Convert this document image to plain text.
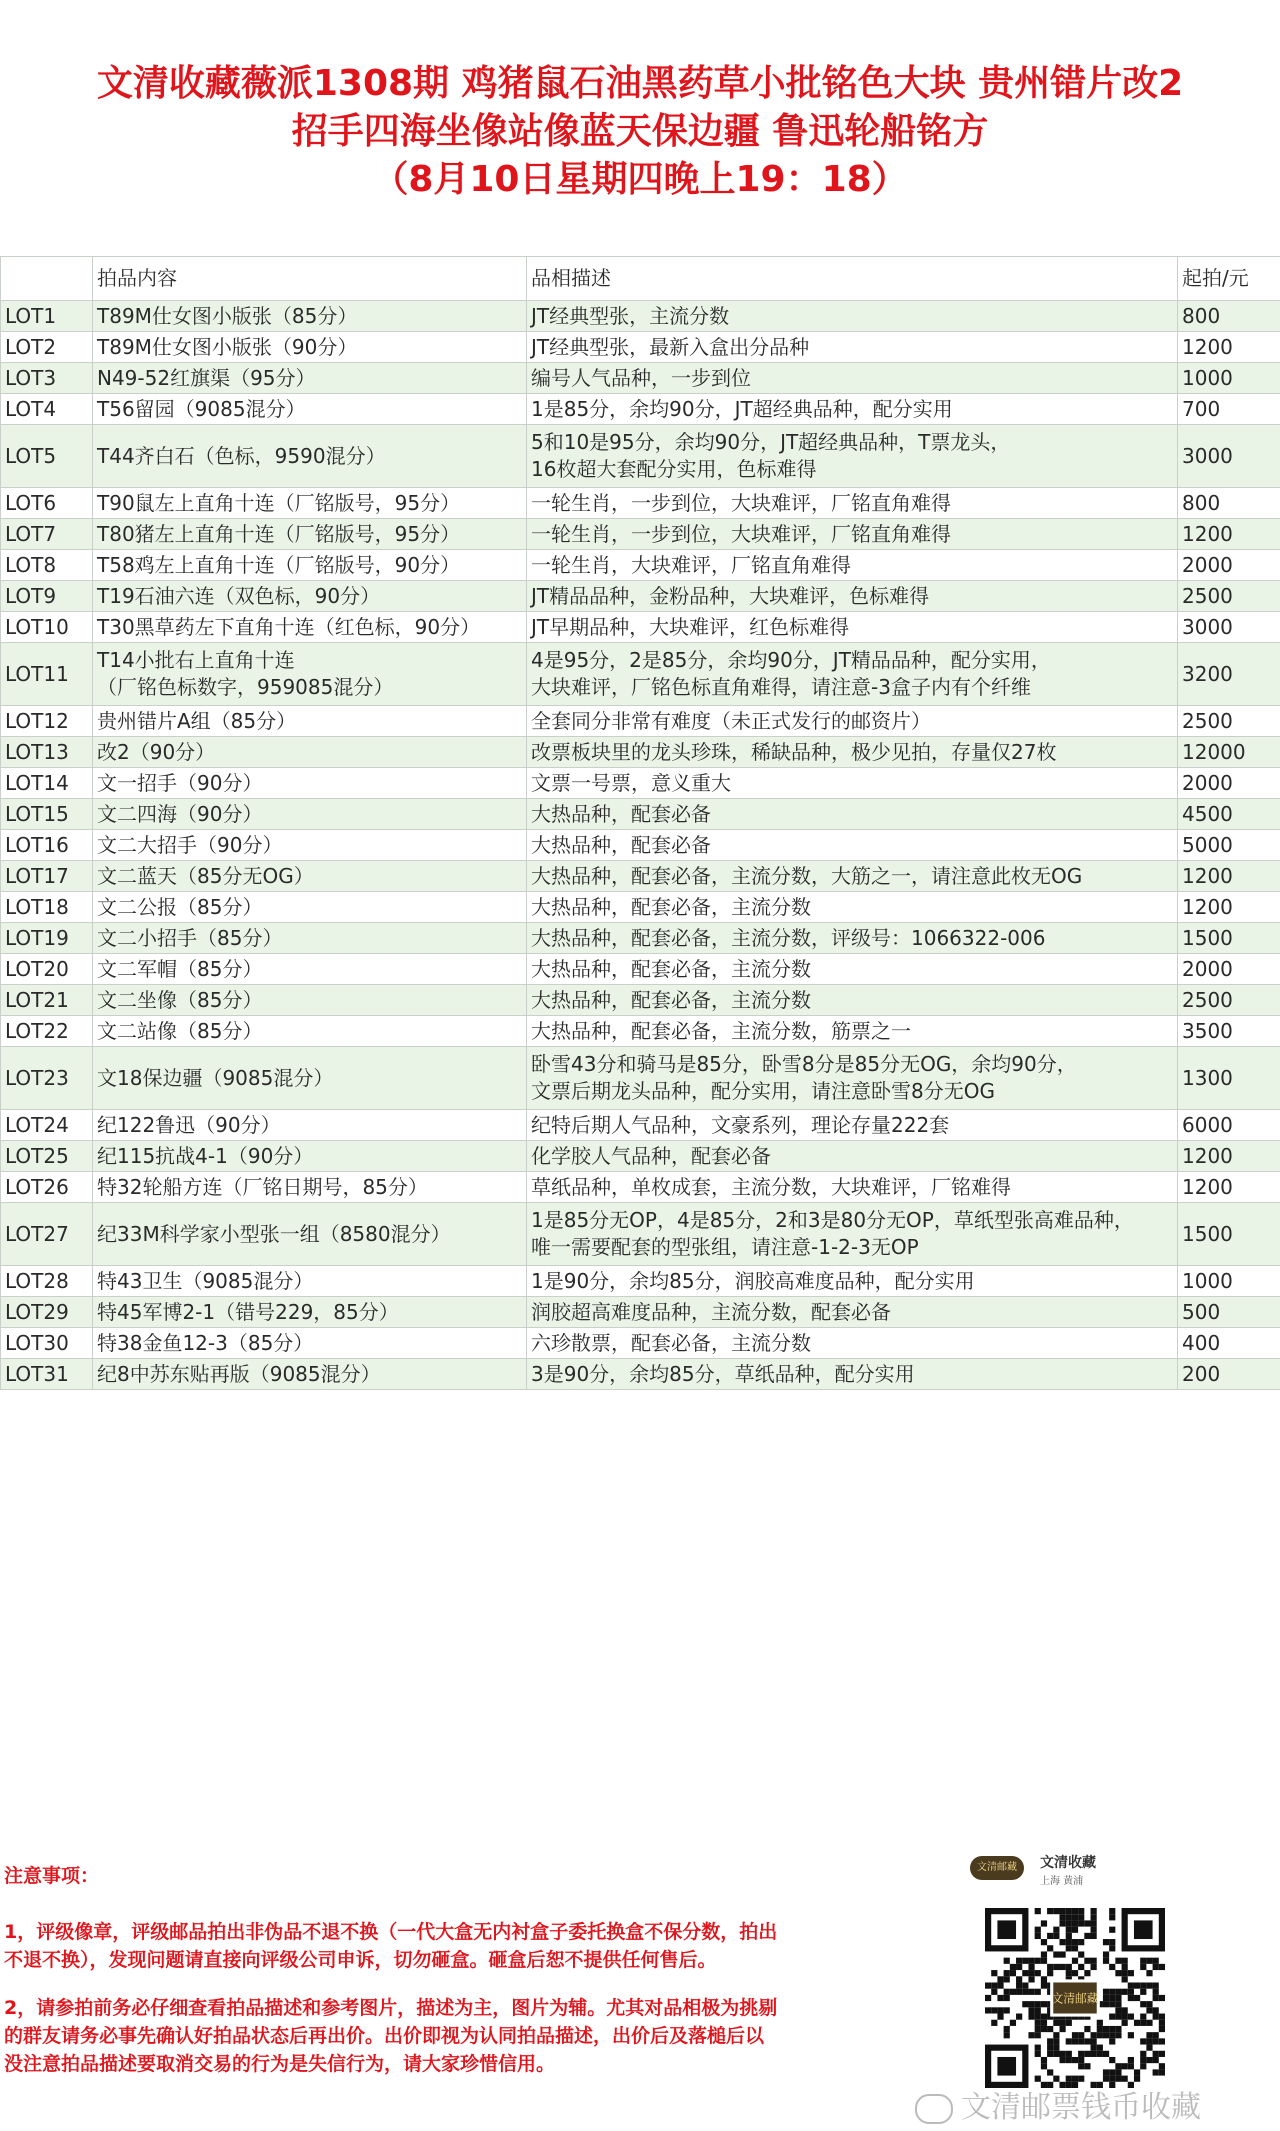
文清收藏薇派1308期 鸡猪鼠石油黑药草小批铭色大块 贵州错片改2
招手四海坐像站像蓝天保边疆 鲁迅轮船铭方
（8月10日星期四晚上19：18）
	拍品内容	品相描述	起拍/元
LOT1	T89M仕女图小版张（85分）	JT经典型张，主流分数	800
LOT2	T89M仕女图小版张（90分）	JT经典型张，最新入盒出分品种	1200
LOT3	N49-52红旗渠（95分）	编号人气品种，一步到位	1000
LOT4	T56留园（9085混分）	1是85分，余均90分，JT超经典品种，配分实用	700
LOT5	T44齐白石（色标，9590混分）	5和10是95分，余均90分，JT超经典品种，T票龙头，
16枚超大套配分实用，色标难得	3000
LOT6	T90鼠左上直角十连（厂铭版号，95分）	一轮生肖，一步到位，大块难评，厂铭直角难得	800
LOT7	T80猪左上直角十连（厂铭版号，95分）	一轮生肖，一步到位，大块难评，厂铭直角难得	1200
LOT8	T58鸡左上直角十连（厂铭版号，90分）	一轮生肖，大块难评，厂铭直角难得	2000
LOT9	T19石油六连（双色标，90分）	JT精品品种，金粉品种，大块难评，色标难得	2500
LOT10	T30黑草药左下直角十连（红色标，90分）	JT早期品种，大块难评，红色标难得	3000
LOT11	T14小批右上直角十连
（厂铭色标数字，959085混分）	4是95分，2是85分，余均90分，JT精品品种，配分实用，
大块难评，厂铭色标直角难得，请注意-3盒子内有个纤维	3200
LOT12	贵州错片A组（85分）	全套同分非常有难度（未正式发行的邮资片）	2500
LOT13	改2（90分）	改票板块里的龙头珍珠，稀缺品种，极少见拍，存量仅27枚	12000
LOT14	文一招手（90分）	文票一号票，意义重大	2000
LOT15	文二四海（90分）	大热品种，配套必备	4500
LOT16	文二大招手（90分）	大热品种，配套必备	5000
LOT17	文二蓝天（85分无OG）	大热品种，配套必备，主流分数，大筋之一，请注意此枚无OG	1200
LOT18	文二公报（85分）	大热品种，配套必备，主流分数	1200
LOT19	文二小招手（85分）	大热品种，配套必备，主流分数，评级号：1066322-006	1500
LOT20	文二军帽（85分）	大热品种，配套必备，主流分数	2000
LOT21	文二坐像（85分）	大热品种，配套必备，主流分数	2500
LOT22	文二站像（85分）	大热品种，配套必备，主流分数，筋票之一	3500
LOT23	文18保边疆（9085混分）	卧雪43分和骑马是85分，卧雪8分是85分无OG，余均90分，
文票后期龙头品种，配分实用，请注意卧雪8分无OG	1300
LOT24	纪122鲁迅（90分）	纪特后期人气品种，文豪系列，理论存量222套	6000
LOT25	纪115抗战4-1（90分）	化学胶人气品种，配套必备	1200
LOT26	特32轮船方连（厂铭日期号，85分）	草纸品种，单枚成套，主流分数，大块难评，厂铭难得	1200
LOT27	纪33M科学家小型张一组（8580混分）	1是85分无OP，4是85分，2和3是80分无OP，草纸型张高难品种，
唯一需要配套的型张组，请注意-1-2-3无OP	1500
LOT28	特43卫生（9085混分）	1是90分，余均85分，润胶高难度品种，配分实用	1000
LOT29	特45军博2-1（错号229，85分）	润胶超高难度品种，主流分数，配套必备	500
LOT30	特38金鱼12-3（85分）	六珍散票，配套必备，主流分数	400
LOT31	纪8中苏东贴再版（9085混分）	3是90分，余均85分，草纸品种，配分实用	200

注意事项：

1，评级像章，评级邮品拍出非伪品不退不换（一代大盒无内衬盒子委托换盒不保分数，拍出
不退不换），发现问题请直接向评级公司申诉，切勿砸盒。砸盒后恕不提供任何售后。

2，请参拍前务必仔细查看拍品描述和参考图片，描述为主，图片为辅。尤其对品相极为挑剔
的群友请务必事先确认好拍品状态后再出价。出价即视为认同拍品描述，出价后及落槌后以
没注意拍品描述要取消交易的行为是失信行为，请大家珍惜信用。

文清邮藏	文清收藏
上海 黄浦
文清邮藏
文清邮票钱币收藏
